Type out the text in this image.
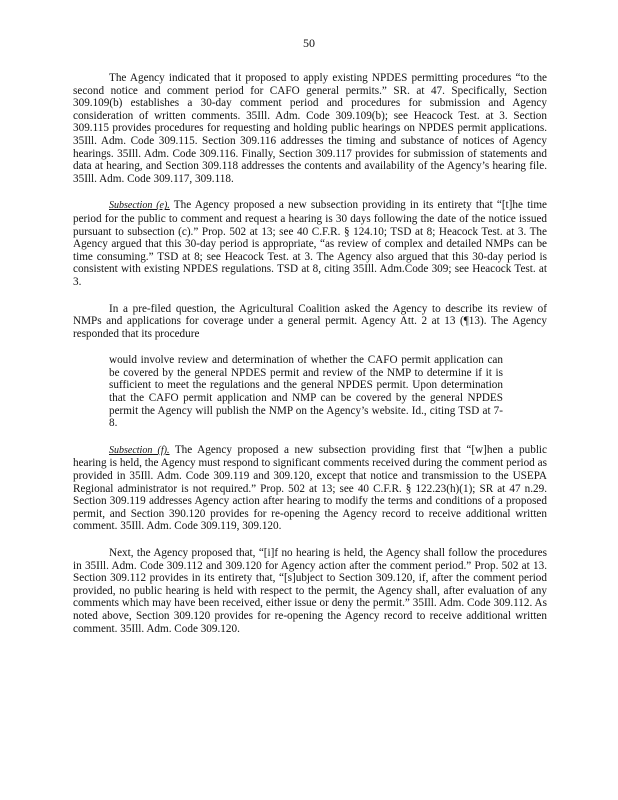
50

The Agency indicated that it proposed to apply existing NPDES permitting procedures “to the second notice and comment period for CAFO general permits.” SR. at 47. Specifically, Section 309.109(b) establishes a 30-day comment period and procedures for submission and Agency consideration of written comments. 35Ill. Adm. Code 309.109(b); see Heacock Test. at 3. Section 309.115 provides procedures for requesting and holding public hearings on NPDES permit applications. 35Ill. Adm. Code 309.115. Section 309.116 addresses the timing and substance of notices of Agency hearings. 35Ill. Adm. Code 309.116. Finally, Section 309.117 provides for submission of statements and data at hearing, and Section 309.118 addresses the contents and availability of the Agency’s hearing file. 35Ill. Adm. Code 309.117, 309.118.

Subsection (e). The Agency proposed a new subsection providing in its entirety that “[t]he time period for the public to comment and request a hearing is 30 days following the date of the notice issued pursuant to subsection (c).” Prop. 502 at 13; see 40 C.F.R. § 124.10; TSD at 8; Heacock Test. at 3. The Agency argued that this 30-day period is appropriate, “as review of complex and detailed NMPs can be time consuming.” TSD at 8; see Heacock Test. at 3. The Agency also argued that this 30-day period is consistent with existing NPDES regulations. TSD at 8, citing 35Ill. Adm.Code 309; see Heacock Test. at 3.

In a pre-filed question, the Agricultural Coalition asked the Agency to describe its review of NMPs and applications for coverage under a general permit. Agency Att. 2 at 13 (¶13). The Agency responded that its procedure

would involve review and determination of whether the CAFO permit application can be covered by the general NPDES permit and review of the NMP to determine if it is sufficient to meet the regulations and the general NPDES permit. Upon determination that the CAFO permit application and NMP can be covered by the general NPDES permit the Agency will publish the NMP on the Agency’s website. Id., citing TSD at 7-8.

Subsection (f). The Agency proposed a new subsection providing first that “[w]hen a public hearing is held, the Agency must respond to significant comments received during the comment period as provided in 35Ill. Adm. Code 309.119 and 309.120, except that notice and transmission to the USEPA Regional administrator is not required.” Prop. 502 at 13; see 40 C.F.R. § 122.23(h)(1); SR at 47 n.29. Section 309.119 addresses Agency action after hearing to modify the terms and conditions of a proposed permit, and Section 390.120 provides for re-opening the Agency record to receive additional written comment. 35Ill. Adm. Code 309.119, 309.120.

Next, the Agency proposed that, “[i]f no hearing is held, the Agency shall follow the procedures in 35Ill. Adm. Code 309.112 and 309.120 for Agency action after the comment period.” Prop. 502 at 13. Section 309.112 provides in its entirety that, “[s]ubject to Section 309.120, if, after the comment period provided, no public hearing is held with respect to the permit, the Agency shall, after evaluation of any comments which may have been received, either issue or deny the permit.” 35Ill. Adm. Code 309.112. As noted above, Section 309.120 provides for re-opening the Agency record to receive additional written comment. 35Ill. Adm. Code 309.120.
